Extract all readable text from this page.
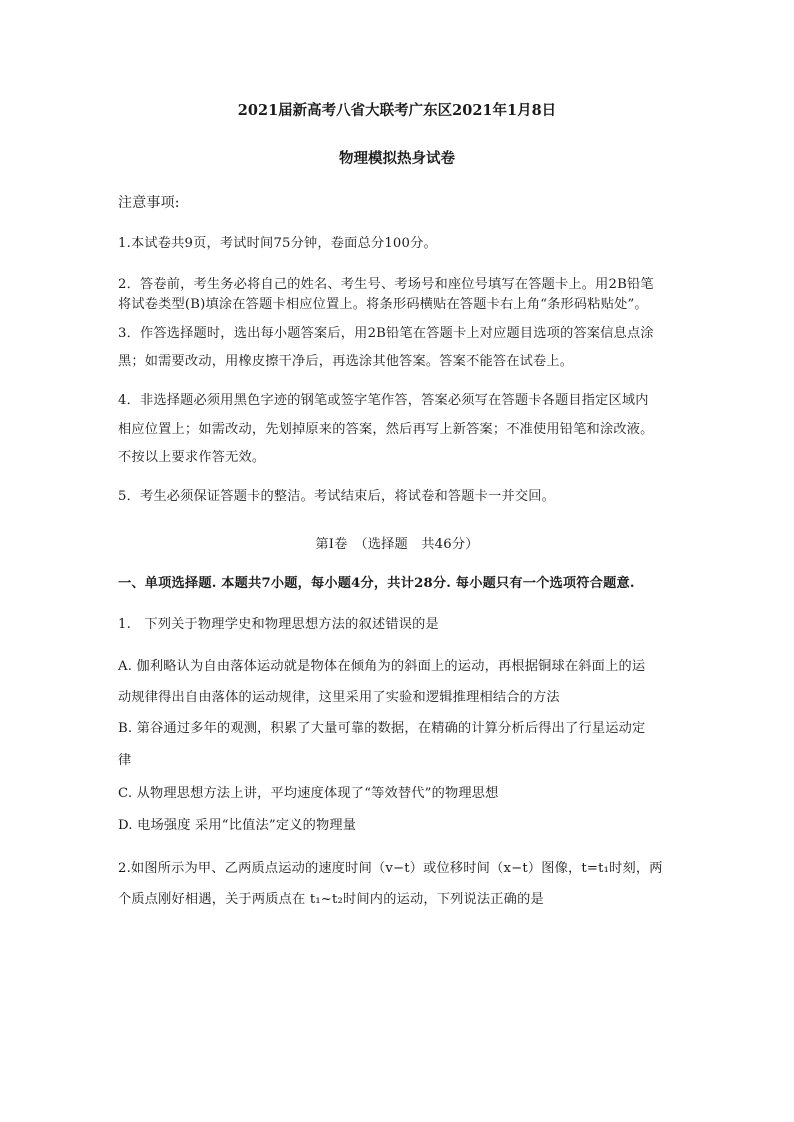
2021届新高考八省大联考广东区2021年1月8日
物理模拟热身试卷
注意事项:
1.本试卷共9页，考试时间75分钟，卷面总分100分。
2．答卷前，考生务必将自己的姓名、考生号、考场号和座位号填写在答题卡上。用2B铅笔
将试卷类型(B)填涂在答题卡相应位置上。将条形码横贴在答题卡右上角“条形码粘贴处”。
3．作答选择题时，选出每小题答案后，用2B铅笔在答题卡上对应题目选项的答案信息点涂
黑；如需要改动，用橡皮擦干净后，再选涂其他答案。答案不能答在试卷上。
4．非选择题必须用黑色字迹的钢笔或签字笔作答，答案必须写在答题卡各题目指定区域内
相应位置上；如需改动，先划掉原来的答案，然后再写上新答案；不准使用铅笔和涂改液。
不按以上要求作答无效。
5．考生必须保证答题卡的整洁。考试结束后，将试卷和答题卡一并交回。
第Ⅰ卷　（选择题　共46分）
一、单项选择题. 本题共7小题，每小题4分，共计28分. 每小题只有一个选项符合题意.
1.　下列关于物理学史和物理思想方法的叙述错误的是
A. 伽利略认为自由落体运动就是物体在倾角为的斜面上的运动，再根据铜球在斜面上的运
动规律得出自由落体的运动规律，这里采用了实验和逻辑推理相结合的方法
B. 第谷通过多年的观测，积累了大量可靠的数据，在精确的计算分析后得出了行星运动定
律
C. 从物理思想方法上讲，平均速度体现了“等效替代”的物理思想
D. 电场强度 采用“比值法”定义的物理量
2.如图所示为甲、乙两质点运动的速度时间（v−t）或位移时间（x−t）图像，t=t₁时刻，两
个质点刚好相遇，关于两质点在 t₁~t₂时间内的运动，下列说法正确的是
